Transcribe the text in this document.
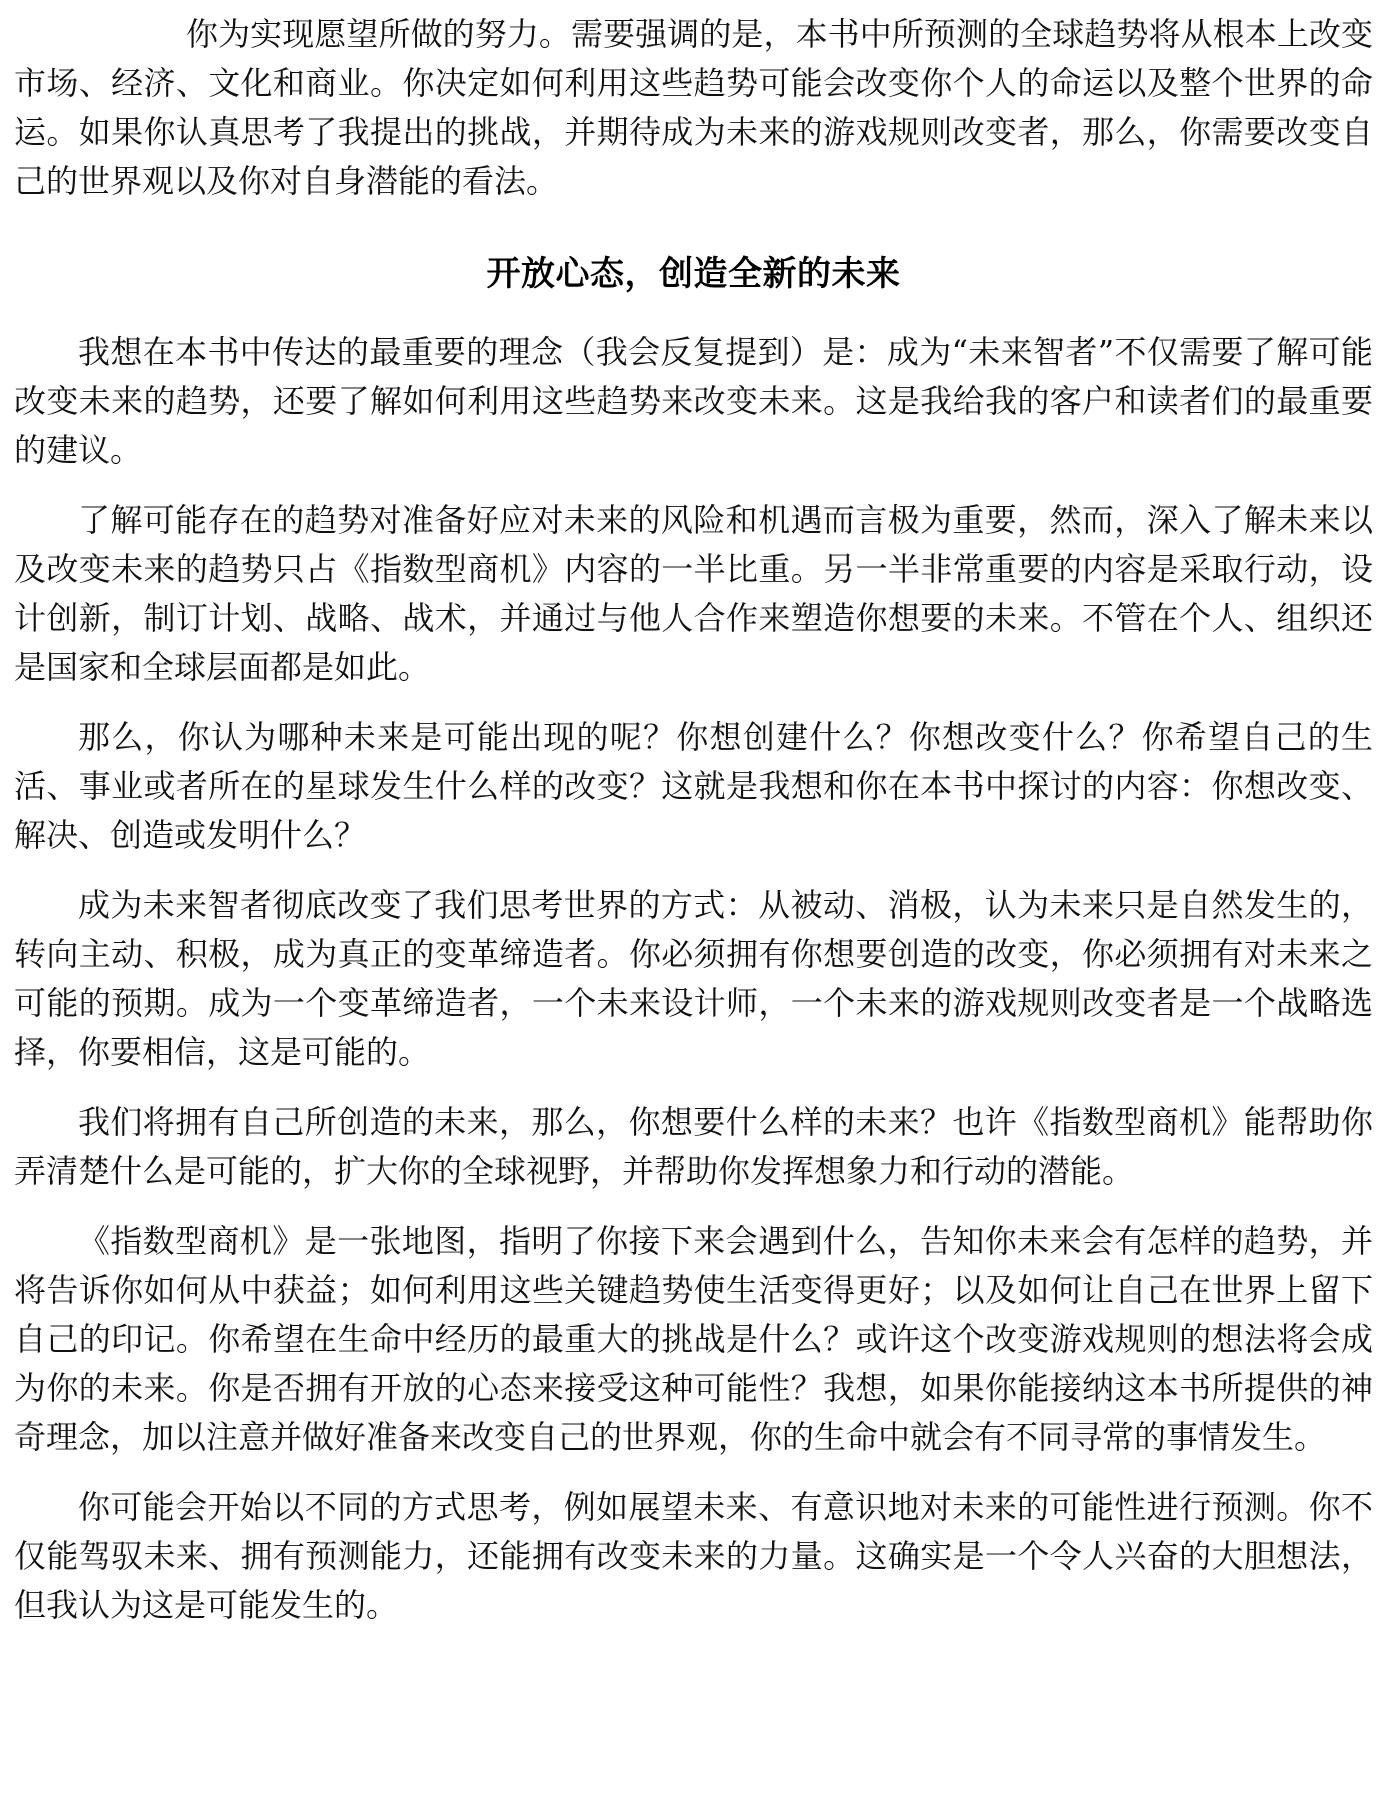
你为实现愿望所做的努力。需要强调的是，本书中所预测的全球趋势将从根本上改变市场、经济、文化和商业。你决定如何利用这些趋势可能会改变你个人的命运以及整个世界的命运。如果你认真思考了我提出的挑战，并期待成为未来的游戏规则改变者，那么，你需要改变自己的世界观以及你对自身潜能的看法。

开放心态，创造全新的未来

我想在本书中传达的最重要的理念（我会反复提到）是：成为“未来智者”不仅需要了解可能改变未来的趋势，还要了解如何利用这些趋势来改变未来。这是我给我的客户和读者们的最重要的建议。

了解可能存在的趋势对准备好应对未来的风险和机遇而言极为重要，然而，深入了解未来以及改变未来的趋势只占《指数型商机》内容的一半比重。另一半非常重要的内容是采取行动，设计创新，制订计划、战略、战术，并通过与他人合作来塑造你想要的未来。不管在个人、组织还是国家和全球层面都是如此。

那么，你认为哪种未来是可能出现的呢？你想创建什么？你想改变什么？你希望自己的生活、事业或者所在的星球发生什么样的改变？这就是我想和你在本书中探讨的内容：你想改变、解决、创造或发明什么？

成为未来智者彻底改变了我们思考世界的方式：从被动、消极，认为未来只是自然发生的，转向主动、积极，成为真正的变革缔造者。你必须拥有你想要创造的改变，你必须拥有对未来之可能的预期。成为一个变革缔造者，一个未来设计师，一个未来的游戏规则改变者是一个战略选择，你要相信，这是可能的。

我们将拥有自己所创造的未来，那么，你想要什么样的未来？也许《指数型商机》能帮助你弄清楚什么是可能的，扩大你的全球视野，并帮助你发挥想象力和行动的潜能。

《指数型商机》是一张地图，指明了你接下来会遇到什么，告知你未来会有怎样的趋势，并将告诉你如何从中获益；如何利用这些关键趋势使生活变得更好；以及如何让自己在世界上留下自己的印记。你希望在生命中经历的最重大的挑战是什么？或许这个改变游戏规则的想法将会成为你的未来。你是否拥有开放的心态来接受这种可能性？我想，如果你能接纳这本书所提供的神奇理念，加以注意并做好准备来改变自己的世界观，你的生命中就会有不同寻常的事情发生。

你可能会开始以不同的方式思考，例如展望未来、有意识地对未来的可能性进行预测。你不仅能驾驭未来、拥有预测能力，还能拥有改变未来的力量。这确实是一个令人兴奋的大胆想法，但我认为这是可能发生的。
